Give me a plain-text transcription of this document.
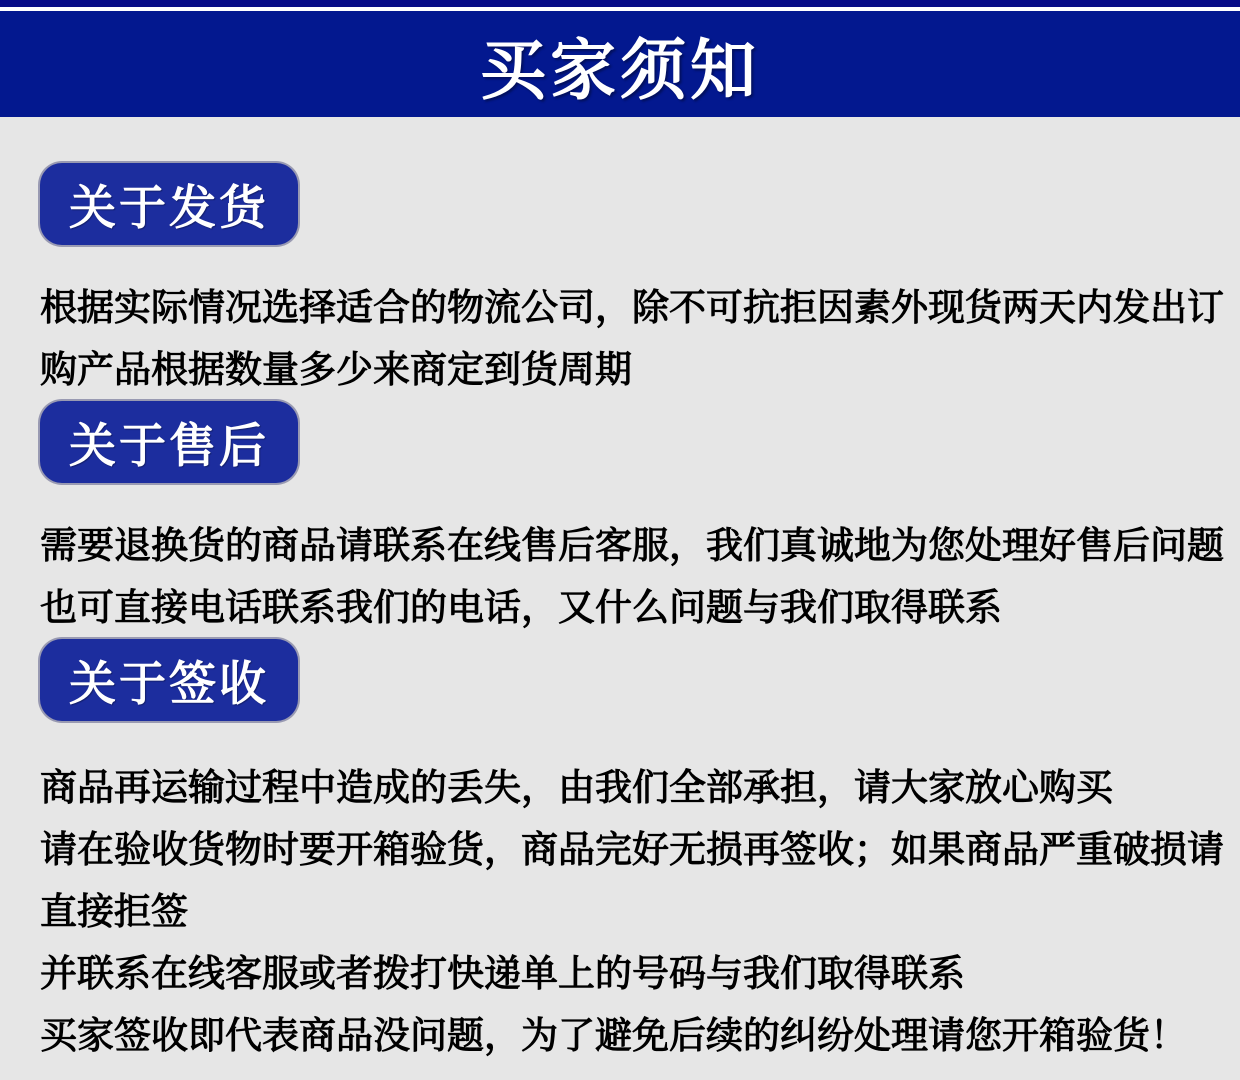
买家须知
关于发货
根据实际情况选择适合的物流公司，除不可抗拒因素外现货两天内发出订
购产品根据数量多少来商定到货周期
关于售后
需要退换货的商品请联系在线售后客服，我们真诚地为您处理好售后问题
也可直接电话联系我们的电话，又什么问题与我们取得联系
关于签收
商品再运输过程中造成的丢失，由我们全部承担，请大家放心购买
请在验收货物时要开箱验货，商品完好无损再签收；如果商品严重破损请
直接拒签
并联系在线客服或者拨打快递单上的号码与我们取得联系
买家签收即代表商品没问题，为了避免后续的纠纷处理请您开箱验货！
